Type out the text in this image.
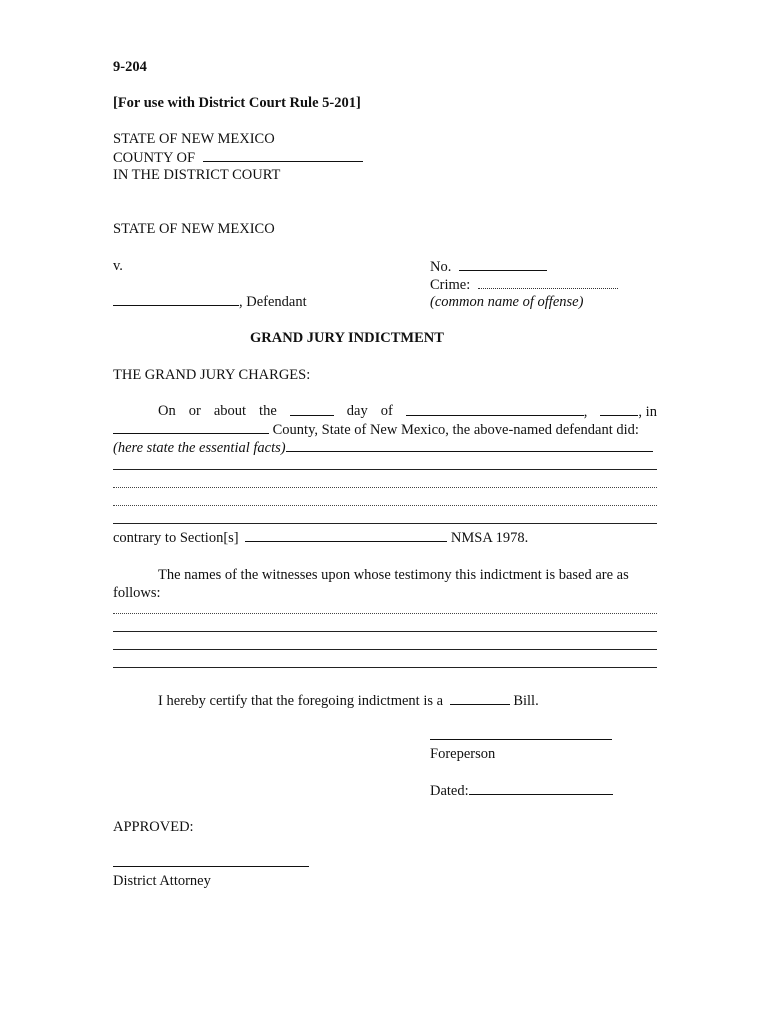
9-204
[For use with District Court Rule 5-201]
STATE OF NEW MEXICO
COUNTY OF
IN THE DISTRICT COURT
STATE OF NEW MEXICO
v.
, Defendant
No.
Crime:
(common name of offense)
GRAND JURY INDICTMENT
THE GRAND JURY CHARGES:
On or about the	day of	,	, in
County, State of New Mexico, the above-named defendant did:
(here state the essential facts)
contrary to Section[s]	NMSA 1978.
The names of the witnesses upon whose testimony this indictment is based are as
follows:
I hereby certify that the foregoing indictment is a	Bill.
Foreperson
Dated:
APPROVED:
District Attorney
